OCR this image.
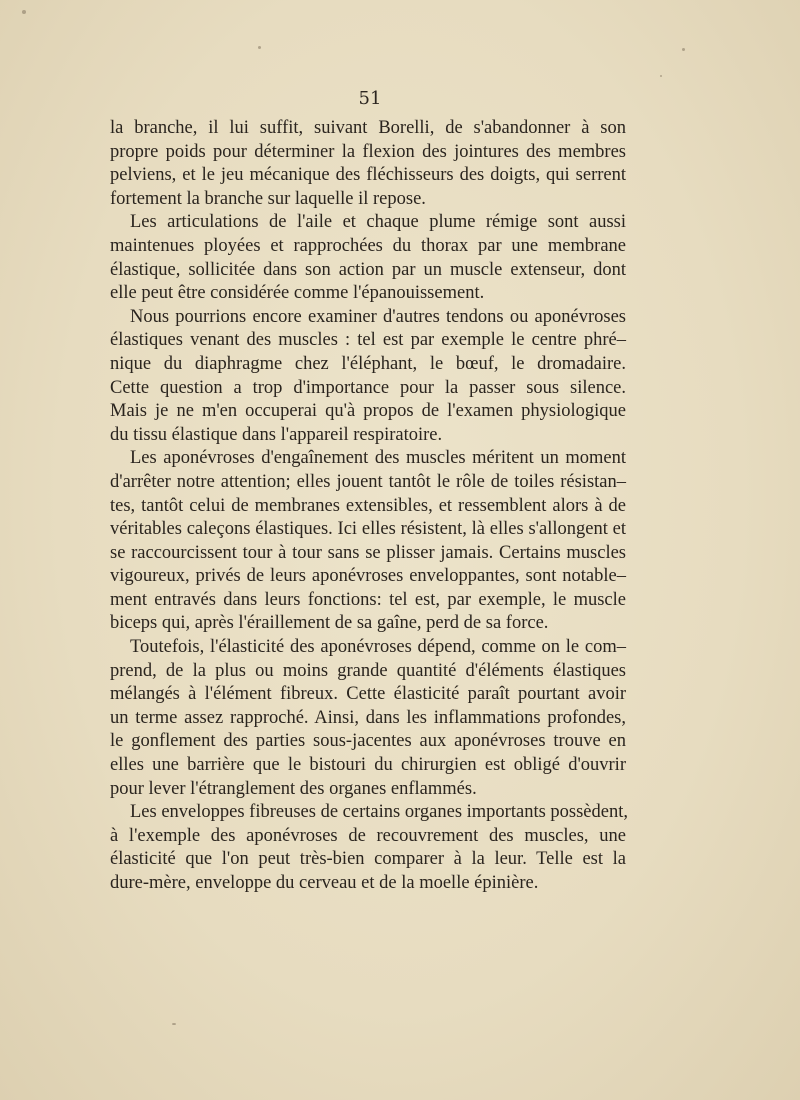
51
la branche, il lui suffit, suivant Borelli, de s'abandonner à son
propre poids pour déterminer la flexion des jointures des membres
pelviens, et le jeu mécanique des fléchisseurs des doigts, qui serrent
fortement la branche sur laquelle il repose.
Les articulations de l'aile et chaque plume rémige sont aussi
maintenues ployées et rapprochées du thorax par une membrane
élastique, sollicitée dans son action par un muscle extenseur, dont
elle peut être considérée comme l'épanouissement.
Nous pourrions encore examiner d'autres tendons ou aponévroses
élastiques venant des muscles : tel est par exemple le centre phré–
nique du diaphragme chez l'éléphant, le bœuf, le dromadaire.
Cette question a trop d'importance pour la passer sous silence.
Mais je ne m'en occuperai qu'à propos de l'examen physiologique
du tissu élastique dans l'appareil respiratoire.
Les aponévroses d'engaînement des muscles méritent un moment
d'arrêter notre attention; elles jouent tantôt le rôle de toiles résistan–
tes, tantôt celui de membranes extensibles, et ressemblent alors à de
véritables caleçons élastiques. Ici elles résistent, là elles s'allongent et
se raccourcissent tour à tour sans se plisser jamais. Certains muscles
vigoureux, privés de leurs aponévroses enveloppantes, sont notable–
ment entravés dans leurs fonctions: tel est, par exemple, le muscle
biceps qui, après l'éraillement de sa gaîne, perd de sa force.
Toutefois, l'élasticité des aponévroses dépend, comme on le com–
prend, de la plus ou moins grande quantité d'éléments élastiques
mélangés à l'élément fibreux. Cette élasticité paraît pourtant avoir
un terme assez rapproché. Ainsi, dans les inflammations profondes,
le gonflement des parties sous-jacentes aux aponévroses trouve en
elles une barrière que le bistouri du chirurgien est obligé d'ouvrir
pour lever l'étranglement des organes enflammés.
Les enveloppes fibreuses de certains organes importants possèdent,
à l'exemple des aponévroses de recouvrement des muscles, une
élasticité que l'on peut très-bien comparer à la leur. Telle est la
dure-mère, enveloppe du cerveau et de la moelle épinière.
